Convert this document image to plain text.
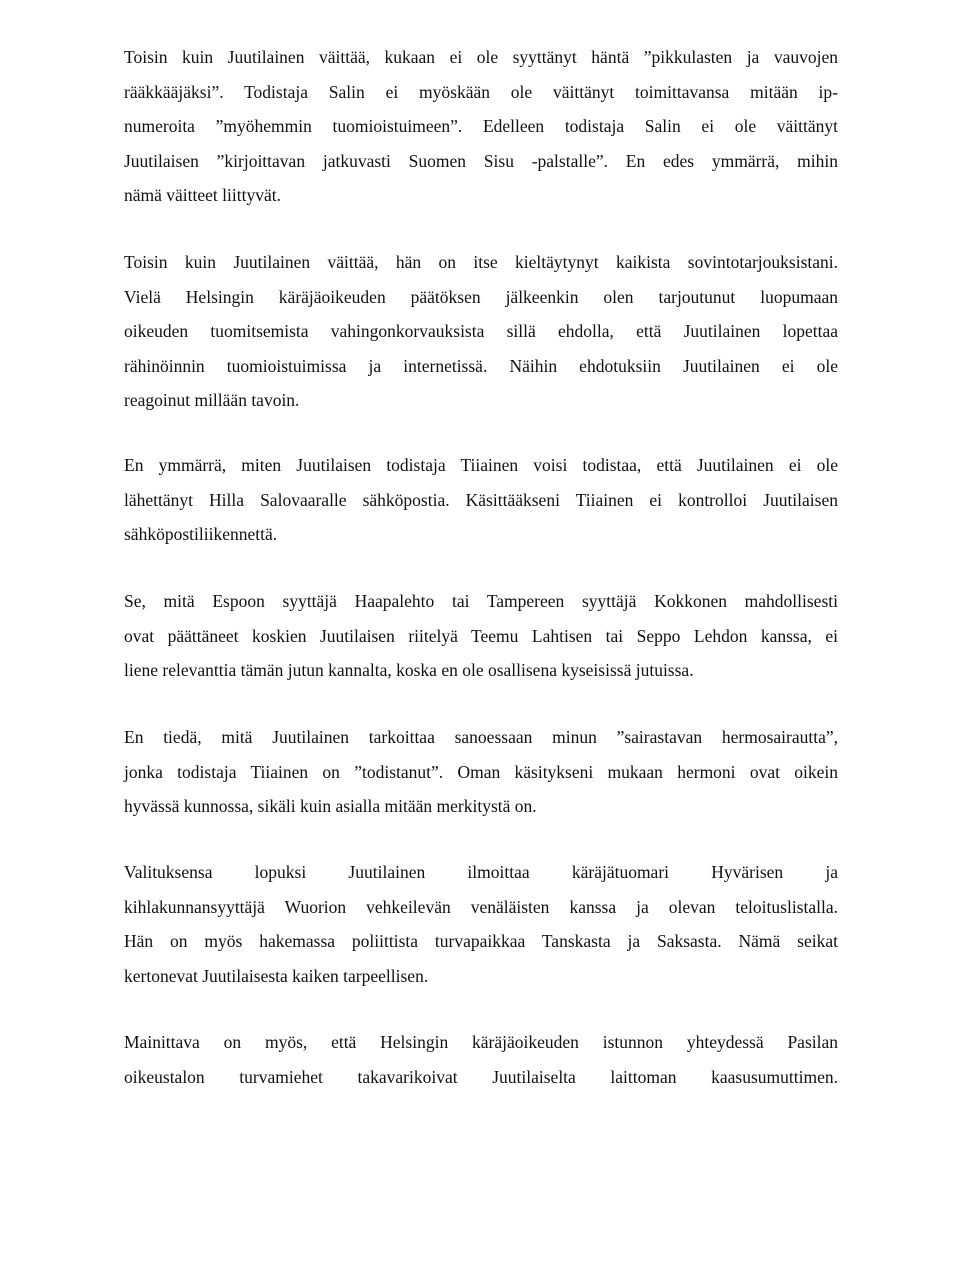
Toisin kuin Juutilainen väittää, kukaan ei ole syyttänyt häntä ”pikkulasten ja vauvojen
rääkkääjäksi”. Todistaja Salin ei myöskään ole väittänyt toimittavansa mitään ip-
numeroita ”myöhemmin tuomioistuimeen”. Edelleen todistaja Salin ei ole väittänyt
Juutilaisen ”kirjoittavan jatkuvasti Suomen Sisu -palstalle”. En edes ymmärrä, mihin
nämä väitteet liittyvät.
Toisin kuin Juutilainen väittää, hän on itse kieltäytynyt kaikista sovintotarjouksistani.
Vielä Helsingin käräjäoikeuden päätöksen jälkeenkin olen tarjoutunut luopumaan
oikeuden tuomitsemista vahingonkorvauksista sillä ehdolla, että Juutilainen lopettaa
rähinöinnin tuomioistuimissa ja internetissä. Näihin ehdotuksiin Juutilainen ei ole
reagoinut millään tavoin.
En ymmärrä, miten Juutilaisen todistaja Tiiainen voisi todistaa, että Juutilainen ei ole
lähettänyt Hilla Salovaaralle sähköpostia. Käsittääkseni Tiiainen ei kontrolloi Juutilaisen
sähköpostiliikennettä.
Se, mitä Espoon syyttäjä Haapalehto tai Tampereen syyttäjä Kokkonen mahdollisesti
ovat päättäneet koskien Juutilaisen riitelyä Teemu Lahtisen tai Seppo Lehdon kanssa, ei
liene relevanttia tämän jutun kannalta, koska en ole osallisena kyseisissä jutuissa.
En tiedä, mitä Juutilainen tarkoittaa sanoessaan minun ”sairastavan hermosairautta”,
jonka todistaja Tiiainen on ”todistanut”. Oman käsitykseni mukaan hermoni ovat oikein
hyvässä kunnossa, sikäli kuin asialla mitään merkitystä on.
Valituksensa lopuksi Juutilainen ilmoittaa käräjätuomari Hyvärisen ja
kihlakunnansyyttäjä Wuorion vehkeilevän venäläisten kanssa ja olevan teloituslistalla.
Hän on myös hakemassa poliittista turvapaikkaa Tanskasta ja Saksasta. Nämä seikat
kertonevat Juutilaisesta kaiken tarpeellisen.
Mainittava on myös, että Helsingin käräjäoikeuden istunnon yhteydessä Pasilan
oikeustalon turvamiehet takavarikoivat Juutilaiselta laittoman kaasusumuttimen.
